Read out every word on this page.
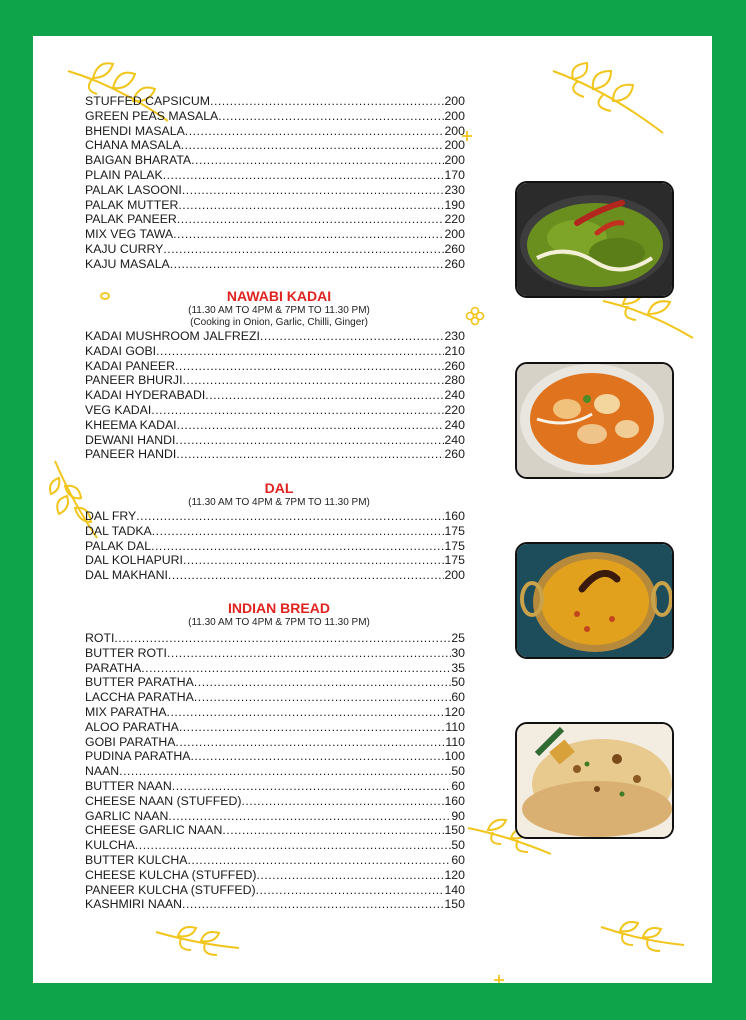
STUFFED CAPSICUM .....	200
GREEN PEAS MASALA .....	200
BHENDI MASALA .....	200
CHANA MASALA .....	200
BAIGAN BHARATA .....	200
PLAIN PALAK .....	170
PALAK LASOONI .....	230
PALAK MUTTER .....	190
PALAK PANEER .....	220
MIX VEG TAWA .....	200
KAJU CURRY .....	260
KAJU MASALA .....	260
NAWABI KADAI
(11.30 AM TO 4PM & 7PM TO 11.30 PM)
(Cooking in Onion, Garlic, Chilli, Ginger)
KADAI MUSHROOM JALFREZI .....	230
KADAI GOBI .....	210
KADAI PANEER .....	260
PANEER BHURJI .....	280
KADAI HYDERABADI .....	240
VEG KADAI .....	220
KHEEMA KADAI .....	240
DEWANI HANDI .....	240
PANEER HANDI .....	260
DAL
(11.30 AM TO 4PM & 7PM TO 11.30 PM)
DAL FRY .....	160
DAL TADKA .....	175
PALAK DAL .....	175
DAL KOLHAPURI .....	175
DAL MAKHANI .....	200
INDIAN BREAD
(11.30 AM TO 4PM & 7PM TO 11.30 PM)
ROTI .....	25
BUTTER ROTI .....	30
PARATHA .....	35
BUTTER PARATHA .....	50
LACCHA PARATHA .....	60
MIX PARATHA .....	120
ALOO PARATHA .....	110
GOBI PARATHA .....	110
PUDINA PARATHA .....	100
NAAN .....	50
BUTTER NAAN .....	60
CHEESE NAAN (STUFFED) .....	160
GARLIC NAAN .....	90
CHEESE GARLIC NAAN .....	150
KULCHA .....	50
BUTTER KULCHA .....	60
CHEESE KULCHA (STUFFED) .....	120
PANEER KULCHA (STUFFED) .....	140
KASHMIRI NAAN .....	150
